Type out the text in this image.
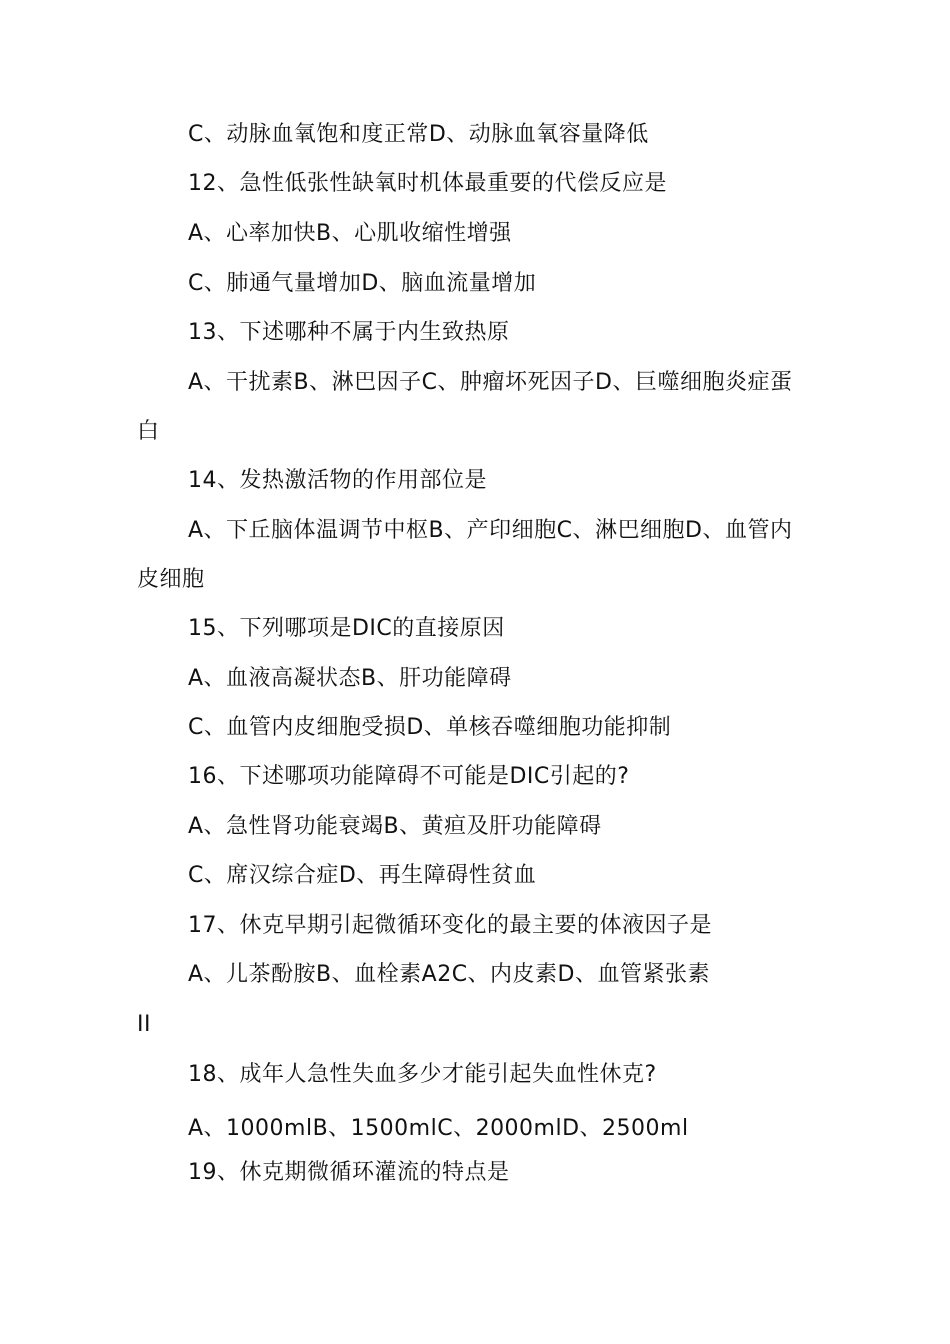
C、动脉血氧饱和度正常D、动脉血氧容量降低
12、急性低张性缺氧时机体最重要的代偿反应是
A、心率加快B、心肌收缩性增强
C、肺通气量增加D、脑血流量增加
13、下述哪种不属于内生致热原
A、干扰素B、淋巴因子C、肿瘤坏死因子D、巨噬细胞炎症蛋
白
14、发热激活物的作用部位是
A、下丘脑体温调节中枢B、产印细胞C、淋巴细胞D、血管内
皮细胞
15、下列哪项是DIC的直接原因
A、血液高凝状态B、肝功能障碍
C、血管内皮细胞受损D、单核吞噬细胞功能抑制
16、下述哪项功能障碍不可能是DIC引起的?
A、急性肾功能衰竭B、黄疸及肝功能障碍
C、席汉综合症D、再生障碍性贫血
17、休克早期引起微循环变化的最主要的体液因子是
A、儿茶酚胺B、血栓素A2C、内皮素D、血管紧张素
II
18、成年人急性失血多少才能引起失血性休克?
A、1000mlB、1500mlC、2000mlD、2500ml
19、休克期微循环灌流的特点是
